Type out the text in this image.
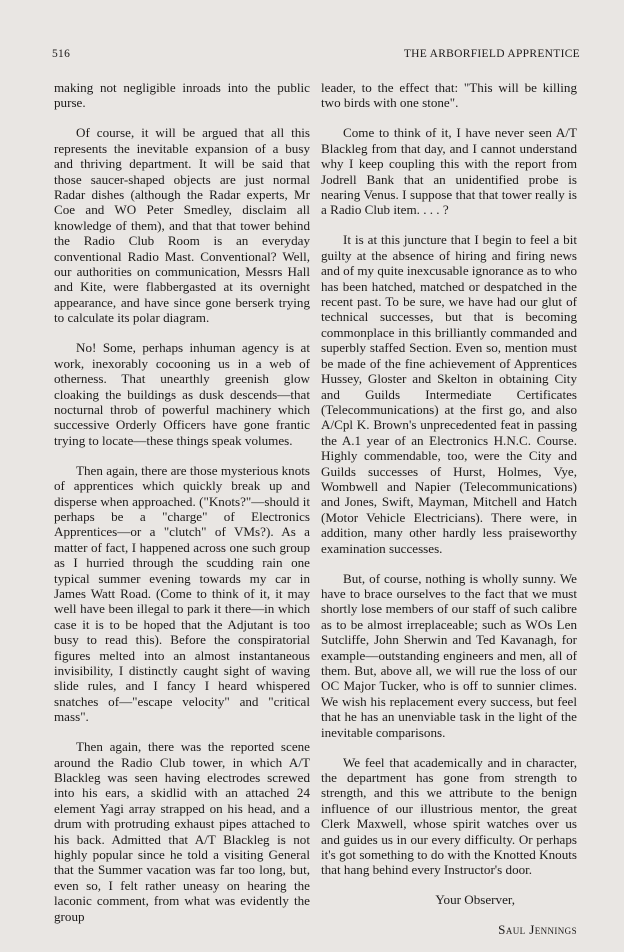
516	THE ARBORFIELD APPRENTICE

making not negligible inroads into the public purse.

Of course, it will be argued that all this represents the inevitable expansion of a busy and thriving department. It will be said that those saucer-shaped objects are just normal Radar dishes (although the Radar experts, Mr Coe and WO Peter Smedley, disclaim all knowledge of them), and that that tower behind the Radio Club Room is an everyday conventional Radio Mast. Conventional? Well, our authorities on communication, Messrs Hall and Kite, were flabbergasted at its overnight appearance, and have since gone berserk trying to calculate its polar diagram.

No! Some, perhaps inhuman agency is at work, inexorably cocooning us in a web of otherness. That unearthly greenish glow cloaking the buildings as dusk descends—that nocturnal throb of powerful machinery which successive Orderly Officers have gone frantic trying to locate—these things speak volumes.

Then again, there are those mysterious knots of apprentices which quickly break up and disperse when approached. ("Knots?"—should it perhaps be a "charge" of Electronics Apprentices—or a "clutch" of VMs?). As a matter of fact, I happened across one such group as I hurried through the scudding rain one typical summer evening towards my car in James Watt Road. (Come to think of it, it may well have been illegal to park it there—in which case it is to be hoped that the Adjutant is too busy to read this). Before the conspiratorial figures melted into an almost instantaneous invisibility, I distinctly caught sight of waving slide rules, and I fancy I heard whispered snatches of—"escape velocity" and "critical mass".

Then again, there was the reported scene around the Radio Club tower, in which A/T Blackleg was seen having electrodes screwed into his ears, a skidlid with an attached 24 element Yagi array strapped on his head, and a drum with protruding exhaust pipes attached to his back. Admitted that A/T Blackleg is not highly popular since he told a visiting General that the Summer vacation was far too long, but, even so, I felt rather uneasy on hearing the laconic comment, from what was evidently the group

leader, to the effect that: "This will be killing two birds with one stone".

Come to think of it, I have never seen A/T Blackleg from that day, and I cannot understand why I keep coupling this with the report from Jodrell Bank that an unidentified probe is nearing Venus. I suppose that that tower really is a Radio Club item. . . . ?

It is at this juncture that I begin to feel a bit guilty at the absence of hiring and firing news and of my quite inexcusable ignorance as to who has been hatched, matched or despatched in the recent past. To be sure, we have had our glut of technical successes, but that is becoming commonplace in this brilliantly commanded and superbly staffed Section. Even so, mention must be made of the fine achievement of Apprentices Hussey, Gloster and Skelton in obtaining City and Guilds Intermediate Certificates (Telecommunications) at the first go, and also A/Cpl K. Brown's unprecedented feat in passing the A.1 year of an Electronics H.N.C. Course. Highly commendable, too, were the City and Guilds successes of Hurst, Holmes, Vye, Wombwell and Napier (Telecommunications) and Jones, Swift, Mayman, Mitchell and Hatch (Motor Vehicle Electricians). There were, in addition, many other hardly less praiseworthy examination successes.

But, of course, nothing is wholly sunny. We have to brace ourselves to the fact that we must shortly lose members of our staff of such calibre as to be almost irreplaceable; such as WOs Len Sutcliffe, John Sherwin and Ted Kavanagh, for example—outstanding engineers and men, all of them. But, above all, we will rue the loss of our OC Major Tucker, who is off to sunnier climes. We wish his replacement every success, but feel that he has an unenviable task in the light of the inevitable comparisons.

We feel that academically and in character, the department has gone from strength to strength, and this we attribute to the benign influence of our illustrious mentor, the great Clerk Maxwell, whose spirit watches over us and guides us in our every difficulty. Or perhaps it's got something to do with the Knotted Knouts that hang behind every Instructor's door.

Your Observer,

Saul Jennings
